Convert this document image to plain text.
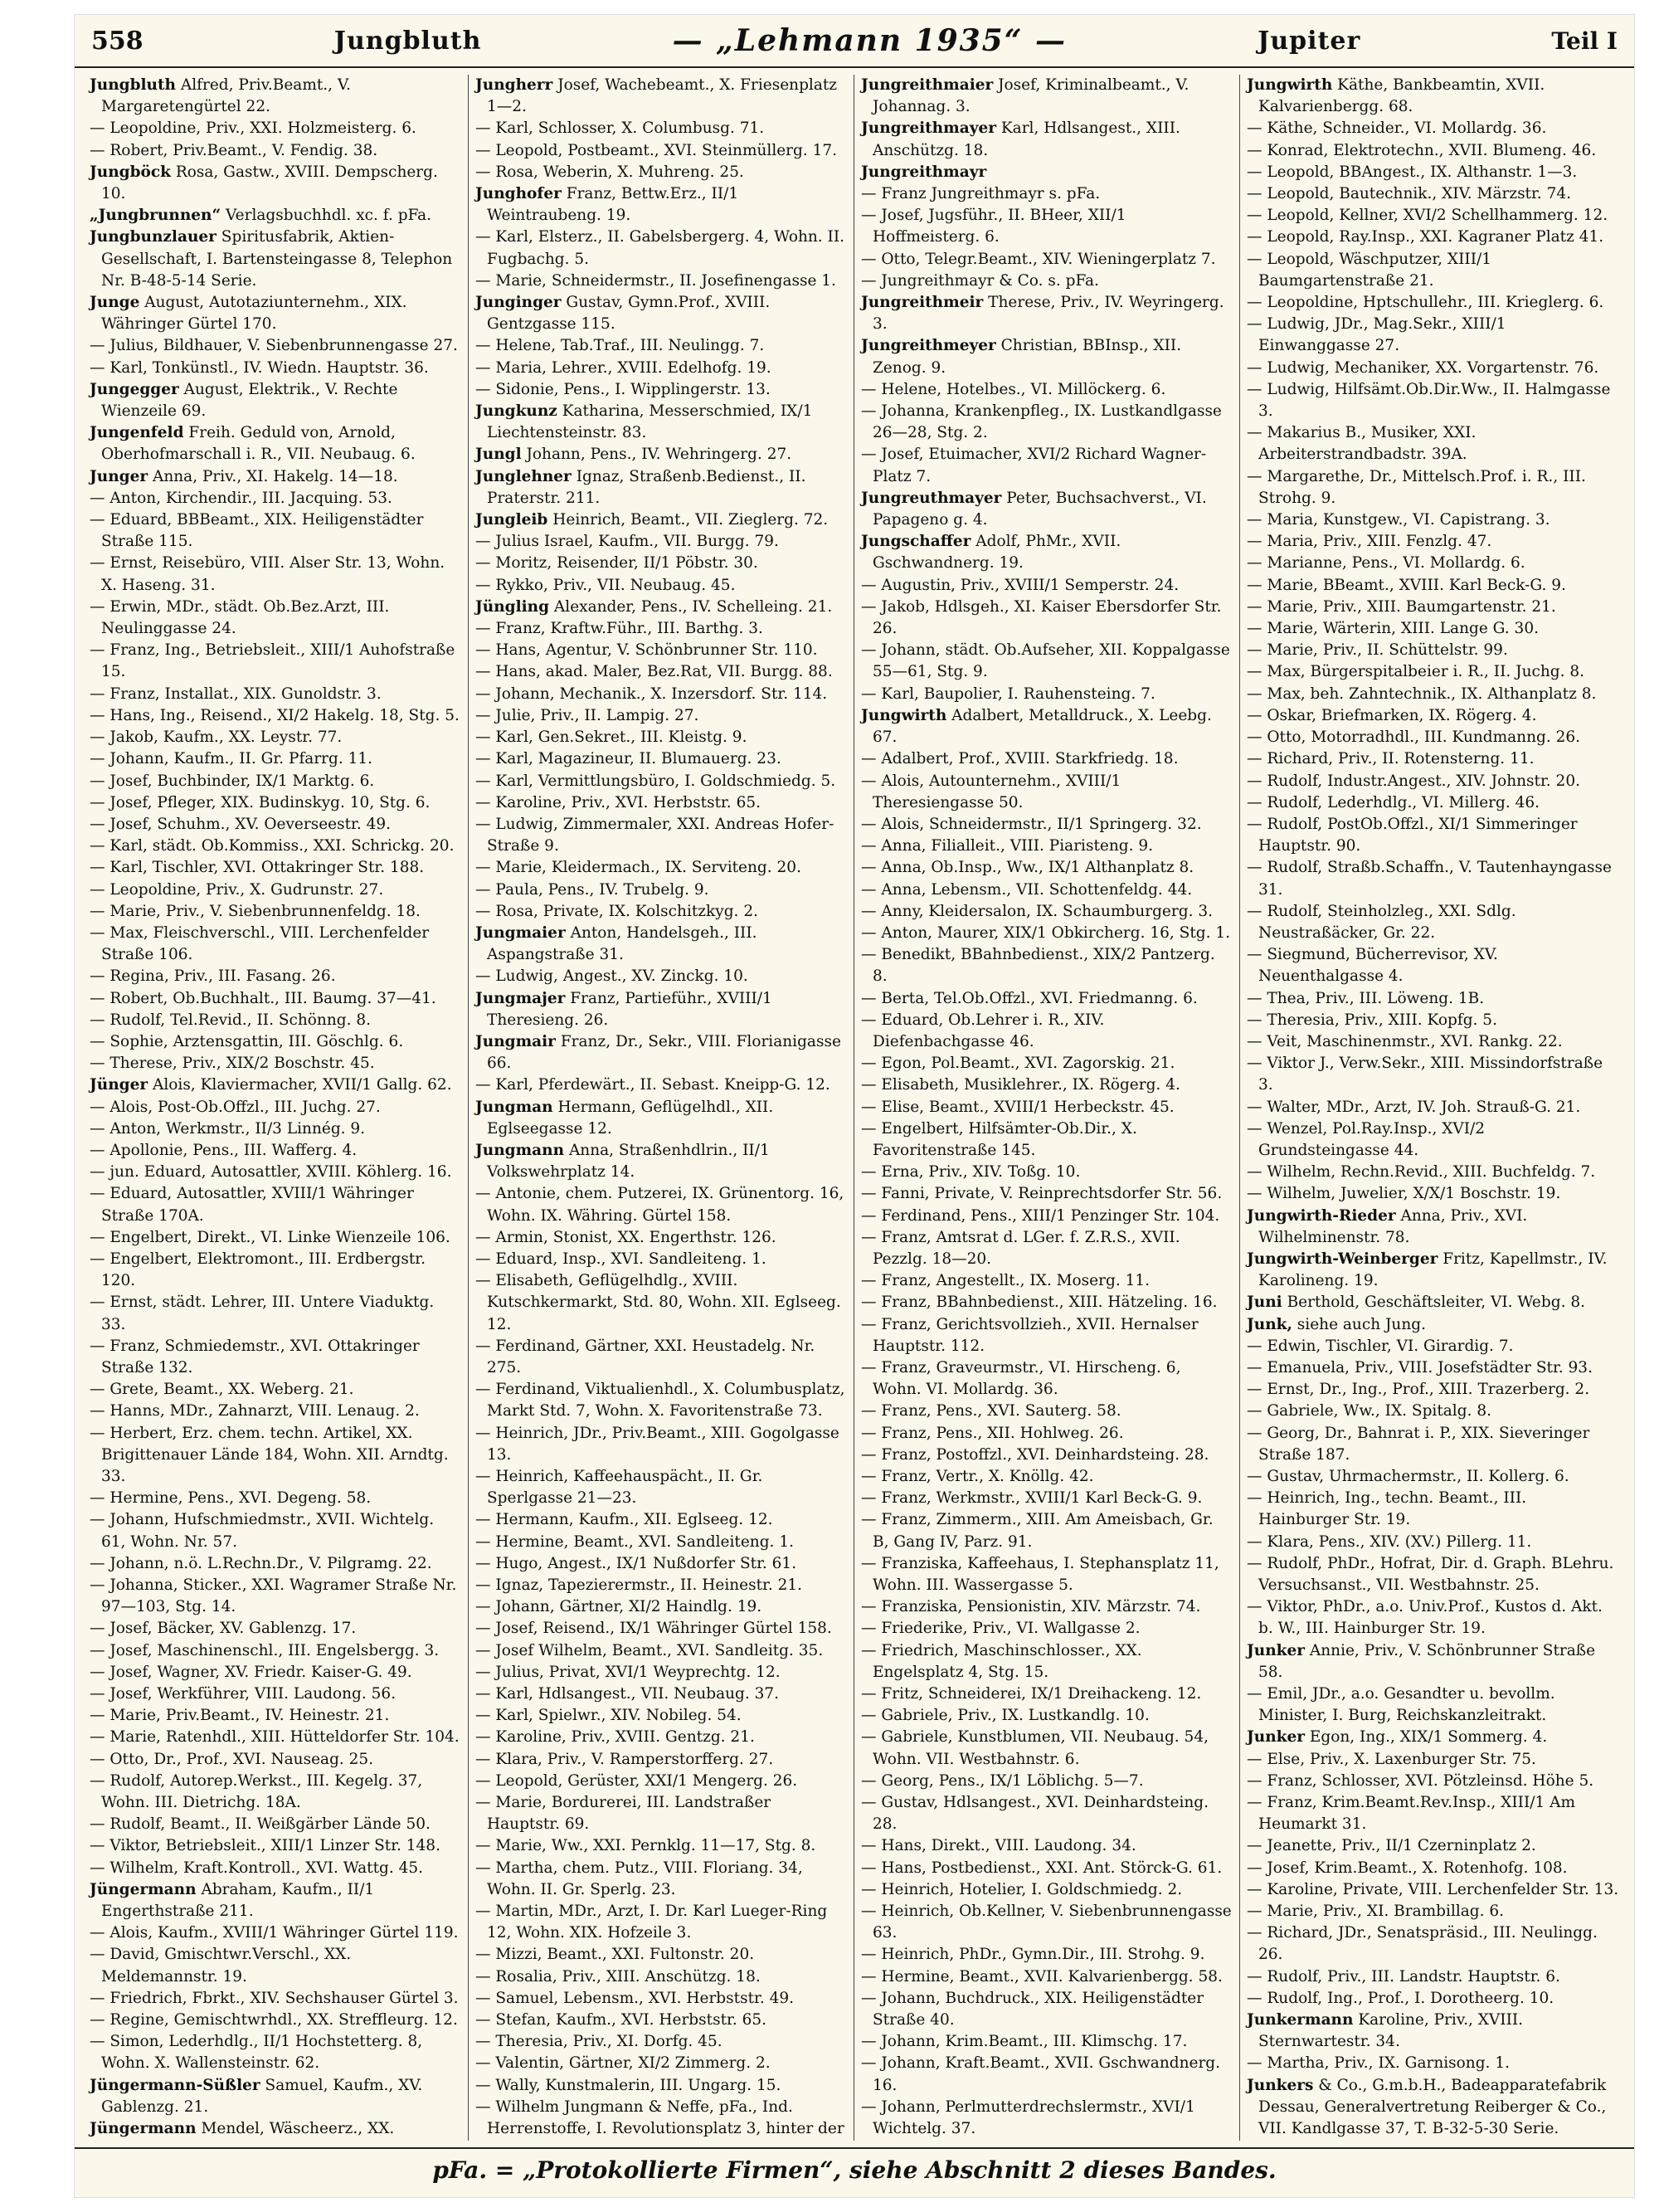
558	Jungbluth	— „Lehmann 1935“ —	Jupiter	Teil I
Jungbluth Alfred, Priv.Beamt., V. Margaretengürtel 22.
— Leopoldine, Priv., XXI. Holzmeisterg. 6.
— Robert, Priv.Beamt., V. Fendig. 38.
Jungböck Rosa, Gastw., XVIII. Dempscherg. 10.
„Jungbrunnen“ Verlagsbuchhdl. xc. f. pFa.
Jungbunzlauer Spiritusfabrik, Aktien-Gesellschaft, I. Bartensteingasse 8, Telephon Nr. B-48-5-14 Serie.
Junge August, Autotaziunternehm., XIX. Währinger Gürtel 170.
— Julius, Bildhauer, V. Siebenbrunnengasse 27.
— Karl, Tonkünstl., IV. Wiedn. Hauptstr. 36.
Jungegger August, Elektrik., V. Rechte Wienzeile 69.
Jungenfeld Freih. Geduld von, Arnold, Oberhofmarschall i. R., VII. Neubaug. 6.
Junger Anna, Priv., XI. Hakelg. 14—18.
— Anton, Kirchendir., III. Jacquing. 53.
— Eduard, BBBeamt., XIX. Heiligenstädter Straße 115.
— Ernst, Reisebüro, VIII. Alser Str. 13, Wohn. X. Haseng. 31.
— Erwin, MDr., städt. Ob.Bez.Arzt, III. Neulinggasse 24.
— Franz, Ing., Betriebsleit., XIII/1 Auhofstraße 15.
— Franz, Installat., XIX. Gunoldstr. 3.
— Hans, Ing., Reisend., XI/2 Hakelg. 18, Stg. 5.
— Jakob, Kaufm., XX. Leystr. 77.
— Johann, Kaufm., II. Gr. Pfarrg. 11.
— Josef, Buchbinder, IX/1 Marktg. 6.
— Josef, Pfleger, XIX. Budinskyg. 10, Stg. 6.
— Josef, Schuhm., XV. Oeverseestr. 49.
— Karl, städt. Ob.Kommiss., XXI. Schrickg. 20.
— Karl, Tischler, XVI. Ottakringer Str. 188.
— Leopoldine, Priv., X. Gudrunstr. 27.
— Marie, Priv., V. Siebenbrunnenfeldg. 18.
— Max, Fleischverschl., VIII. Lerchenfelder Straße 106.
— Regina, Priv., III. Fasang. 26.
— Robert, Ob.Buchhalt., III. Baumg. 37—41.
— Rudolf, Tel.Revid., II. Schönng. 8.
— Sophie, Arztensgattin, III. Göschlg. 6.
— Therese, Priv., XIX/2 Boschstr. 45.
Jünger Alois, Klaviermacher, XVII/1 Gallg. 62.
— Alois, Post-Ob.Offzl., III. Juchg. 27.
— Anton, Werkmstr., II/3 Linnég. 9.
— Apollonie, Pens., III. Wafferg. 4.
— jun. Eduard, Autosattler, XVIII. Köhlerg. 16.
— Eduard, Autosattler, XVIII/1 Währinger Straße 170A.
— Engelbert, Direkt., VI. Linke Wienzeile 106.
— Engelbert, Elektromont., III. Erdbergstr. 120.
— Ernst, städt. Lehrer, III. Untere Viaduktg. 33.
— Franz, Schmiedemstr., XVI. Ottakringer Straße 132.
— Grete, Beamt., XX. Weberg. 21.
— Hanns, MDr., Zahnarzt, VIII. Lenaug. 2.
— Herbert, Erz. chem. techn. Artikel, XX. Brigittenauer Lände 184, Wohn. XII. Arndtg. 33.
— Hermine, Pens., XVI. Degeng. 58.
— Johann, Hufschmiedmstr., XVII. Wichtelg. 61, Wohn. Nr. 57.
— Johann, n.ö. L.Rechn.Dr., V. Pilgramg. 22.
— Johanna, Sticker., XXI. Wagramer Straße Nr. 97—103, Stg. 14.
— Josef, Bäcker, XV. Gablenzg. 17.
— Josef, Maschinenschl., III. Engelsbergg. 3.
— Josef, Wagner, XV. Friedr. Kaiser-G. 49.
— Josef, Werkführer, VIII. Laudong. 56.
— Marie, Priv.Beamt., IV. Heinestr. 21.
— Marie, Ratenhdl., XIII. Hütteldorfer Str. 104.
— Otto, Dr., Prof., XVI. Nauseag. 25.
— Rudolf, Autorep.Werkst., III. Kegelg. 37, Wohn. III. Dietrichg. 18A.
— Rudolf, Beamt., II. Weißgärber Lände 50.
— Viktor, Betriebsleit., XIII/1 Linzer Str. 148.
— Wilhelm, Kraft.Kontroll., XVI. Wattg. 45.
Jüngermann Abraham, Kaufm., II/1 Engerthstraße 211.
— Alois, Kaufm., XVIII/1 Währinger Gürtel 119.
— David, Gmischtwr.Verschl., XX. Meldemannstr. 19.
— Friedrich, Fbrkt., XIV. Sechshauser Gürtel 3.
— Regine, Gemischtwrhdl., XX. Streffleurg. 12.
— Simon, Lederhdlg., II/1 Hochstetterg. 8, Wohn. X. Wallensteinstr. 62.
Jüngermann-Süßler Samuel, Kaufm., XV. Gablenzg. 21.
Jüngermann Mendel, Wäscheerz., XX.
Jungherr Josef, Wachebeamt., X. Friesenplatz 1—2.
— Karl, Schlosser, X. Columbusg. 71.
— Leopold, Postbeamt., XVI. Steinmüllerg. 17.
— Rosa, Weberin, X. Muhreng. 25.
Junghofer Franz, Bettw.Erz., II/1 Weintraubeng. 19.
— Karl, Elsterz., II. Gabelsbergerg. 4, Wohn. II. Fugbachg. 5.
— Marie, Schneidermstr., II. Josefinengasse 1.
Junginger Gustav, Gymn.Prof., XVIII. Gentzgasse 115.
— Helene, Tab.Traf., III. Neulingg. 7.
— Maria, Lehrer., XVIII. Edelhofg. 19.
— Sidonie, Pens., I. Wipplingerstr. 13.
Jungkunz Katharina, Messerschmied, IX/1 Liechtensteinstr. 83.
Jungl Johann, Pens., IV. Wehringerg. 27.
Junglehner Ignaz, Straßenb.Bedienst., II. Praterstr. 211.
Jungleib Heinrich, Beamt., VII. Zieglerg. 72.
— Julius Israel, Kaufm., VII. Burgg. 79.
— Moritz, Reisender, II/1 Pöbstr. 30.
— Rykko, Priv., VII. Neubaug. 45.
Jüngling Alexander, Pens., IV. Schelleing. 21.
— Franz, Kraftw.Führ., III. Barthg. 3.
— Hans, Agentur, V. Schönbrunner Str. 110.
— Hans, akad. Maler, Bez.Rat, VII. Burgg. 88.
— Johann, Mechanik., X. Inzersdorf. Str. 114.
— Julie, Priv., II. Lampig. 27.
— Karl, Gen.Sekret., III. Kleistg. 9.
— Karl, Magazineur, II. Blumauerg. 23.
— Karl, Vermittlungsbüro, I. Goldschmiedg. 5.
— Karoline, Priv., XVI. Herbststr. 65.
— Ludwig, Zimmermaler, XXI. Andreas Hofer-Straße 9.
— Marie, Kleidermach., IX. Serviteng. 20.
— Paula, Pens., IV. Trubelg. 9.
— Rosa, Private, IX. Kolschitzkyg. 2.
Jungmaier Anton, Handelsgeh., III. Aspangstraße 31.
— Ludwig, Angest., XV. Zinckg. 10.
Jungmajer Franz, Partieführ., XVIII/1 Theresieng. 26.
Jungmair Franz, Dr., Sekr., VIII. Florianigasse 66.
— Karl, Pferdewärt., II. Sebast. Kneipp-G. 12.
Jungman Hermann, Geflügelhdl., XII. Eglseegasse 12.
Jungmann Anna, Straßenhdlrin., II/1 Volkswehrplatz 14.
— Antonie, chem. Putzerei, IX. Grünentorg. 16, Wohn. IX. Währing. Gürtel 158.
— Armin, Stonist, XX. Engerthstr. 126.
— Eduard, Insp., XVI. Sandleiteng. 1.
— Elisabeth, Geflügelhdlg., XVIII. Kutschkermarkt, Std. 80, Wohn. XII. Eglseeg. 12.
— Ferdinand, Gärtner, XXI. Heustadelg. Nr. 275.
— Ferdinand, Viktualienhdl., X. Columbusplatz, Markt Std. 7, Wohn. X. Favoritenstraße 73.
— Heinrich, JDr., Priv.Beamt., XIII. Gogolgasse 13.
— Heinrich, Kaffeehauspächt., II. Gr. Sperlgasse 21—23.
— Hermann, Kaufm., XII. Eglseeg. 12.
— Hermine, Beamt., XVI. Sandleiteng. 1.
— Hugo, Angest., IX/1 Nußdorfer Str. 61.
— Ignaz, Tapezierermstr., II. Heinestr. 21.
— Johann, Gärtner, XI/2 Haindlg. 19.
— Josef, Reisend., IX/1 Währinger Gürtel 158.
— Josef Wilhelm, Beamt., XVI. Sandleitg. 35.
— Julius, Privat, XVI/1 Weyprechtg. 12.
— Karl, Hdlsangest., VII. Neubaug. 37.
— Karl, Spielwr., XIV. Nobileg. 54.
— Karoline, Priv., XVIII. Gentzg. 21.
— Klara, Priv., V. Ramperstorfferg. 27.
— Leopold, Gerüster, XXI/1 Mengerg. 26.
— Marie, Bordurerei, III. Landstraßer Hauptstr. 69.
— Marie, Ww., XXI. Pernklg. 11—17, Stg. 8.
— Martha, chem. Putz., VIII. Floriang. 34, Wohn. II. Gr. Sperlg. 23.
— Martin, MDr., Arzt, I. Dr. Karl Lueger-Ring 12, Wohn. XIX. Hofzeile 3.
— Mizzi, Beamt., XXI. Fultonstr. 20.
— Rosalia, Priv., XIII. Anschützg. 18.
— Samuel, Lebensm., XVI. Herbststr. 49.
— Stefan, Kaufm., XVI. Herbststr. 65.
— Theresia, Priv., XI. Dorfg. 45.
— Valentin, Gärtner, XI/2 Zimmerg. 2.
— Wally, Kunstmalerin, III. Ungarg. 15.
— Wilhelm Jungmann & Neffe, pFa., Ind. Herrenstoffe, I. Revolutionsplatz 3, hinter der
Jungreithmaier Josef, Kriminalbeamt., V. Johannag. 3.
Jungreithmayer Karl, Hdlsangest., XIII. Anschützg. 18.
Jungreithmayr
— Franz Jungreithmayr s. pFa.
— Josef, Jugsführ., II. BHeer, XII/1 Hoffmeisterg. 6.
— Otto, Telegr.Beamt., XIV. Wieningerplatz 7.
— Jungreithmayr & Co. s. pFa.
Jungreithmeir Therese, Priv., IV. Weyringerg. 3.
Jungreithmeyer Christian, BBInsp., XII. Zenog. 9.
— Helene, Hotelbes., VI. Millöckerg. 6.
— Johanna, Krankenpfleg., IX. Lustkandlgasse 26—28, Stg. 2.
— Josef, Etuimacher, XVI/2 Richard Wagner-Platz 7.
Jungreuthmayer Peter, Buchsachverst., VI. Papageno g. 4.
Jungschaffer Adolf, PhMr., XVII. Gschwandnerg. 19.
— Augustin, Priv., XVIII/1 Semperstr. 24.
— Jakob, Hdlsgeh., XI. Kaiser Ebersdorfer Str. 26.
— Johann, städt. Ob.Aufseher, XII. Koppalgasse 55—61, Stg. 9.
— Karl, Baupolier, I. Rauhensteing. 7.
Jungwirth Adalbert, Metalldruck., X. Leebg. 67.
— Adalbert, Prof., XVIII. Starkfriedg. 18.
— Alois, Autounternehm., XVIII/1 Theresiengasse 50.
— Alois, Schneidermstr., II/1 Springerg. 32.
— Anna, Filialleit., VIII. Piaristeng. 9.
— Anna, Ob.Insp., Ww., IX/1 Althanplatz 8.
— Anna, Lebensm., VII. Schottenfeldg. 44.
— Anny, Kleidersalon, IX. Schaumburgerg. 3.
— Anton, Maurer, XIX/1 Obkircherg. 16, Stg. 1.
— Benedikt, BBahnbedienst., XIX/2 Pantzerg. 8.
— Berta, Tel.Ob.Offzl., XVI. Friedmanng. 6.
— Eduard, Ob.Lehrer i. R., XIV. Diefenbachgasse 46.
— Egon, Pol.Beamt., XVI. Zagorskig. 21.
— Elisabeth, Musiklehrer., IX. Rögerg. 4.
— Elise, Beamt., XVIII/1 Herbeckstr. 45.
— Engelbert, Hilfsämter-Ob.Dir., X. Favoritenstraße 145.
— Erna, Priv., XIV. Toßg. 10.
— Fanni, Private, V. Reinprechtsdorfer Str. 56.
— Ferdinand, Pens., XIII/1 Penzinger Str. 104.
— Franz, Amtsrat d. LGer. f. Z.R.S., XVII. Pezzlg. 18—20.
— Franz, Angestellt., IX. Moserg. 11.
— Franz, BBahnbedienst., XIII. Hätzeling. 16.
— Franz, Gerichtsvollzieh., XVII. Hernalser Hauptstr. 112.
— Franz, Graveurmstr., VI. Hirscheng. 6, Wohn. VI. Mollardg. 36.
— Franz, Pens., XVI. Sauterg. 58.
— Franz, Pens., XII. Hohlweg. 26.
— Franz, Postoffzl., XVI. Deinhardsteing. 28.
— Franz, Vertr., X. Knöllg. 42.
— Franz, Werkmstr., XVIII/1 Karl Beck-G. 9.
— Franz, Zimmerm., XIII. Am Ameisbach, Gr. B, Gang IV, Parz. 91.
— Franziska, Kaffeehaus, I. Stephansplatz 11, Wohn. III. Wassergasse 5.
— Franziska, Pensionistin, XIV. Märzstr. 74.
— Friederike, Priv., VI. Wallgasse 2.
— Friedrich, Maschinschlosser., XX. Engelsplatz 4, Stg. 15.
— Fritz, Schneiderei, IX/1 Dreihackeng. 12.
— Gabriele, Priv., IX. Lustkandlg. 10.
— Gabriele, Kunstblumen, VII. Neubaug. 54, Wohn. VII. Westbahnstr. 6.
— Georg, Pens., IX/1 Löblichg. 5—7.
— Gustav, Hdlsangest., XVI. Deinhardsteing. 28.
— Hans, Direkt., VIII. Laudong. 34.
— Hans, Postbedienst., XXI. Ant. Störck-G. 61.
— Heinrich, Hotelier, I. Goldschmiedg. 2.
— Heinrich, Ob.Kellner, V. Siebenbrunnengasse 63.
— Heinrich, PhDr., Gymn.Dir., III. Strohg. 9.
— Hermine, Beamt., XVII. Kalvarienbergg. 58.
— Johann, Buchdruck., XIX. Heiligenstädter Straße 40.
— Johann, Krim.Beamt., III. Klimschg. 17.
— Johann, Kraft.Beamt., XVII. Gschwandnerg. 16.
— Johann, Perlmutterdrechslermstr., XVI/1 Wichtelg. 37.
Jungwirth Käthe, Bankbeamtin, XVII. Kalvarienbergg. 68.
— Käthe, Schneider., VI. Mollardg. 36.
— Konrad, Elektrotechn., XVII. Blumeng. 46.
— Leopold, BBAngest., IX. Althanstr. 1—3.
— Leopold, Bautechnik., XIV. Märzstr. 74.
— Leopold, Kellner, XVI/2 Schellhammerg. 12.
— Leopold, Ray.Insp., XXI. Kagraner Platz 41.
— Leopold, Wäschputzer, XIII/1 Baumgartenstraße 21.
— Leopoldine, Hptschullehr., III. Krieglerg. 6.
— Ludwig, JDr., Mag.Sekr., XIII/1 Einwanggasse 27.
— Ludwig, Mechaniker, XX. Vorgartenstr. 76.
— Ludwig, Hilfsämt.Ob.Dir.Ww., II. Halmgasse 3.
— Makarius B., Musiker, XXI. Arbeiterstrandbadstr. 39A.
— Margarethe, Dr., Mittelsch.Prof. i. R., III. Strohg. 9.
— Maria, Kunstgew., VI. Capistrang. 3.
— Maria, Priv., XIII. Fenzlg. 47.
— Marianne, Pens., VI. Mollardg. 6.
— Marie, BBeamt., XVIII. Karl Beck-G. 9.
— Marie, Priv., XIII. Baumgartenstr. 21.
— Marie, Wärterin, XIII. Lange G. 30.
— Marie, Priv., II. Schüttelstr. 99.
— Max, Bürgerspitalbeier i. R., II. Juchg. 8.
— Max, beh. Zahntechnik., IX. Althanplatz 8.
— Oskar, Briefmarken, IX. Rögerg. 4.
— Otto, Motorradhdl., III. Kundmanng. 26.
— Richard, Priv., II. Rotensterng. 11.
— Rudolf, Industr.Angest., XIV. Johnstr. 20.
— Rudolf, Lederhdlg., VI. Millerg. 46.
— Rudolf, PostOb.Offzl., XI/1 Simmeringer Hauptstr. 90.
— Rudolf, Straßb.Schaffn., V. Tautenhayngasse 31.
— Rudolf, Steinholzleg., XXI. Sdlg. Neustraßäcker, Gr. 22.
— Siegmund, Bücherrevisor, XV. Neuenthalgasse 4.
— Thea, Priv., III. Löweng. 1B.
— Theresia, Priv., XIII. Kopfg. 5.
— Veit, Maschinenmstr., XVI. Rankg. 22.
— Viktor J., Verw.Sekr., XIII. Missindorfstraße 3.
— Walter, MDr., Arzt, IV. Joh. Strauß-G. 21.
— Wenzel, Pol.Ray.Insp., XVI/2 Grundsteingasse 44.
— Wilhelm, Rechn.Revid., XIII. Buchfeldg. 7.
— Wilhelm, Juwelier, X/X/1 Boschstr. 19.
Jungwirth-Rieder Anna, Priv., XVI. Wilhelminenstr. 78.
Jungwirth-Weinberger Fritz, Kapellmstr., IV. Karolineng. 19.
Juni Berthold, Geschäftsleiter, VI. Webg. 8.
Junk, siehe auch Jung.
— Edwin, Tischler, VI. Girardig. 7.
— Emanuela, Priv., VIII. Josefstädter Str. 93.
— Ernst, Dr., Ing., Prof., XIII. Trazerberg. 2.
— Gabriele, Ww., IX. Spitalg. 8.
— Georg, Dr., Bahnrat i. P., XIX. Sieveringer Straße 187.
— Gustav, Uhrmachermstr., II. Kollerg. 6.
— Heinrich, Ing., techn. Beamt., III. Hainburger Str. 19.
— Klara, Pens., XIV. (XV.) Pillerg. 11.
— Rudolf, PhDr., Hofrat, Dir. d. Graph. BLehru. Versuchsanst., VII. Westbahnstr. 25.
— Viktor, PhDr., a.o. Univ.Prof., Kustos d. Akt. b. W., III. Hainburger Str. 19.
Junker Annie, Priv., V. Schönbrunner Straße 58.
— Emil, JDr., a.o. Gesandter u. bevollm. Minister, I. Burg, Reichskanzleitrakt.
Junker Egon, Ing., XIX/1 Sommerg. 4.
— Else, Priv., X. Laxenburger Str. 75.
— Franz, Schlosser, XVI. Pötzleinsd. Höhe 5.
— Franz, Krim.Beamt.Rev.Insp., XIII/1 Am Heumarkt 31.
— Jeanette, Priv., II/1 Czerninplatz 2.
— Josef, Krim.Beamt., X. Rotenhofg. 108.
— Karoline, Private, VIII. Lerchenfelder Str. 13.
— Marie, Priv., XI. Brambillag. 6.
— Richard, JDr., Senatspräsid., III. Neulingg. 26.
— Rudolf, Priv., III. Landstr. Hauptstr. 6.
— Rudolf, Ing., Prof., I. Dorotheerg. 10.
Junkermann Karoline, Priv., XVIII. Sternwartestr. 34.
— Martha, Priv., IX. Garnisong. 1.
Junkers & Co., G.m.b.H., Badeapparatefabrik Dessau, Generalvertretung Reiberger & Co., VII. Kandlgasse 37, T. B-32-5-30 Serie.
pFa. = „Protokollierte Firmen“, siehe Abschnitt 2 dieses Bandes.
